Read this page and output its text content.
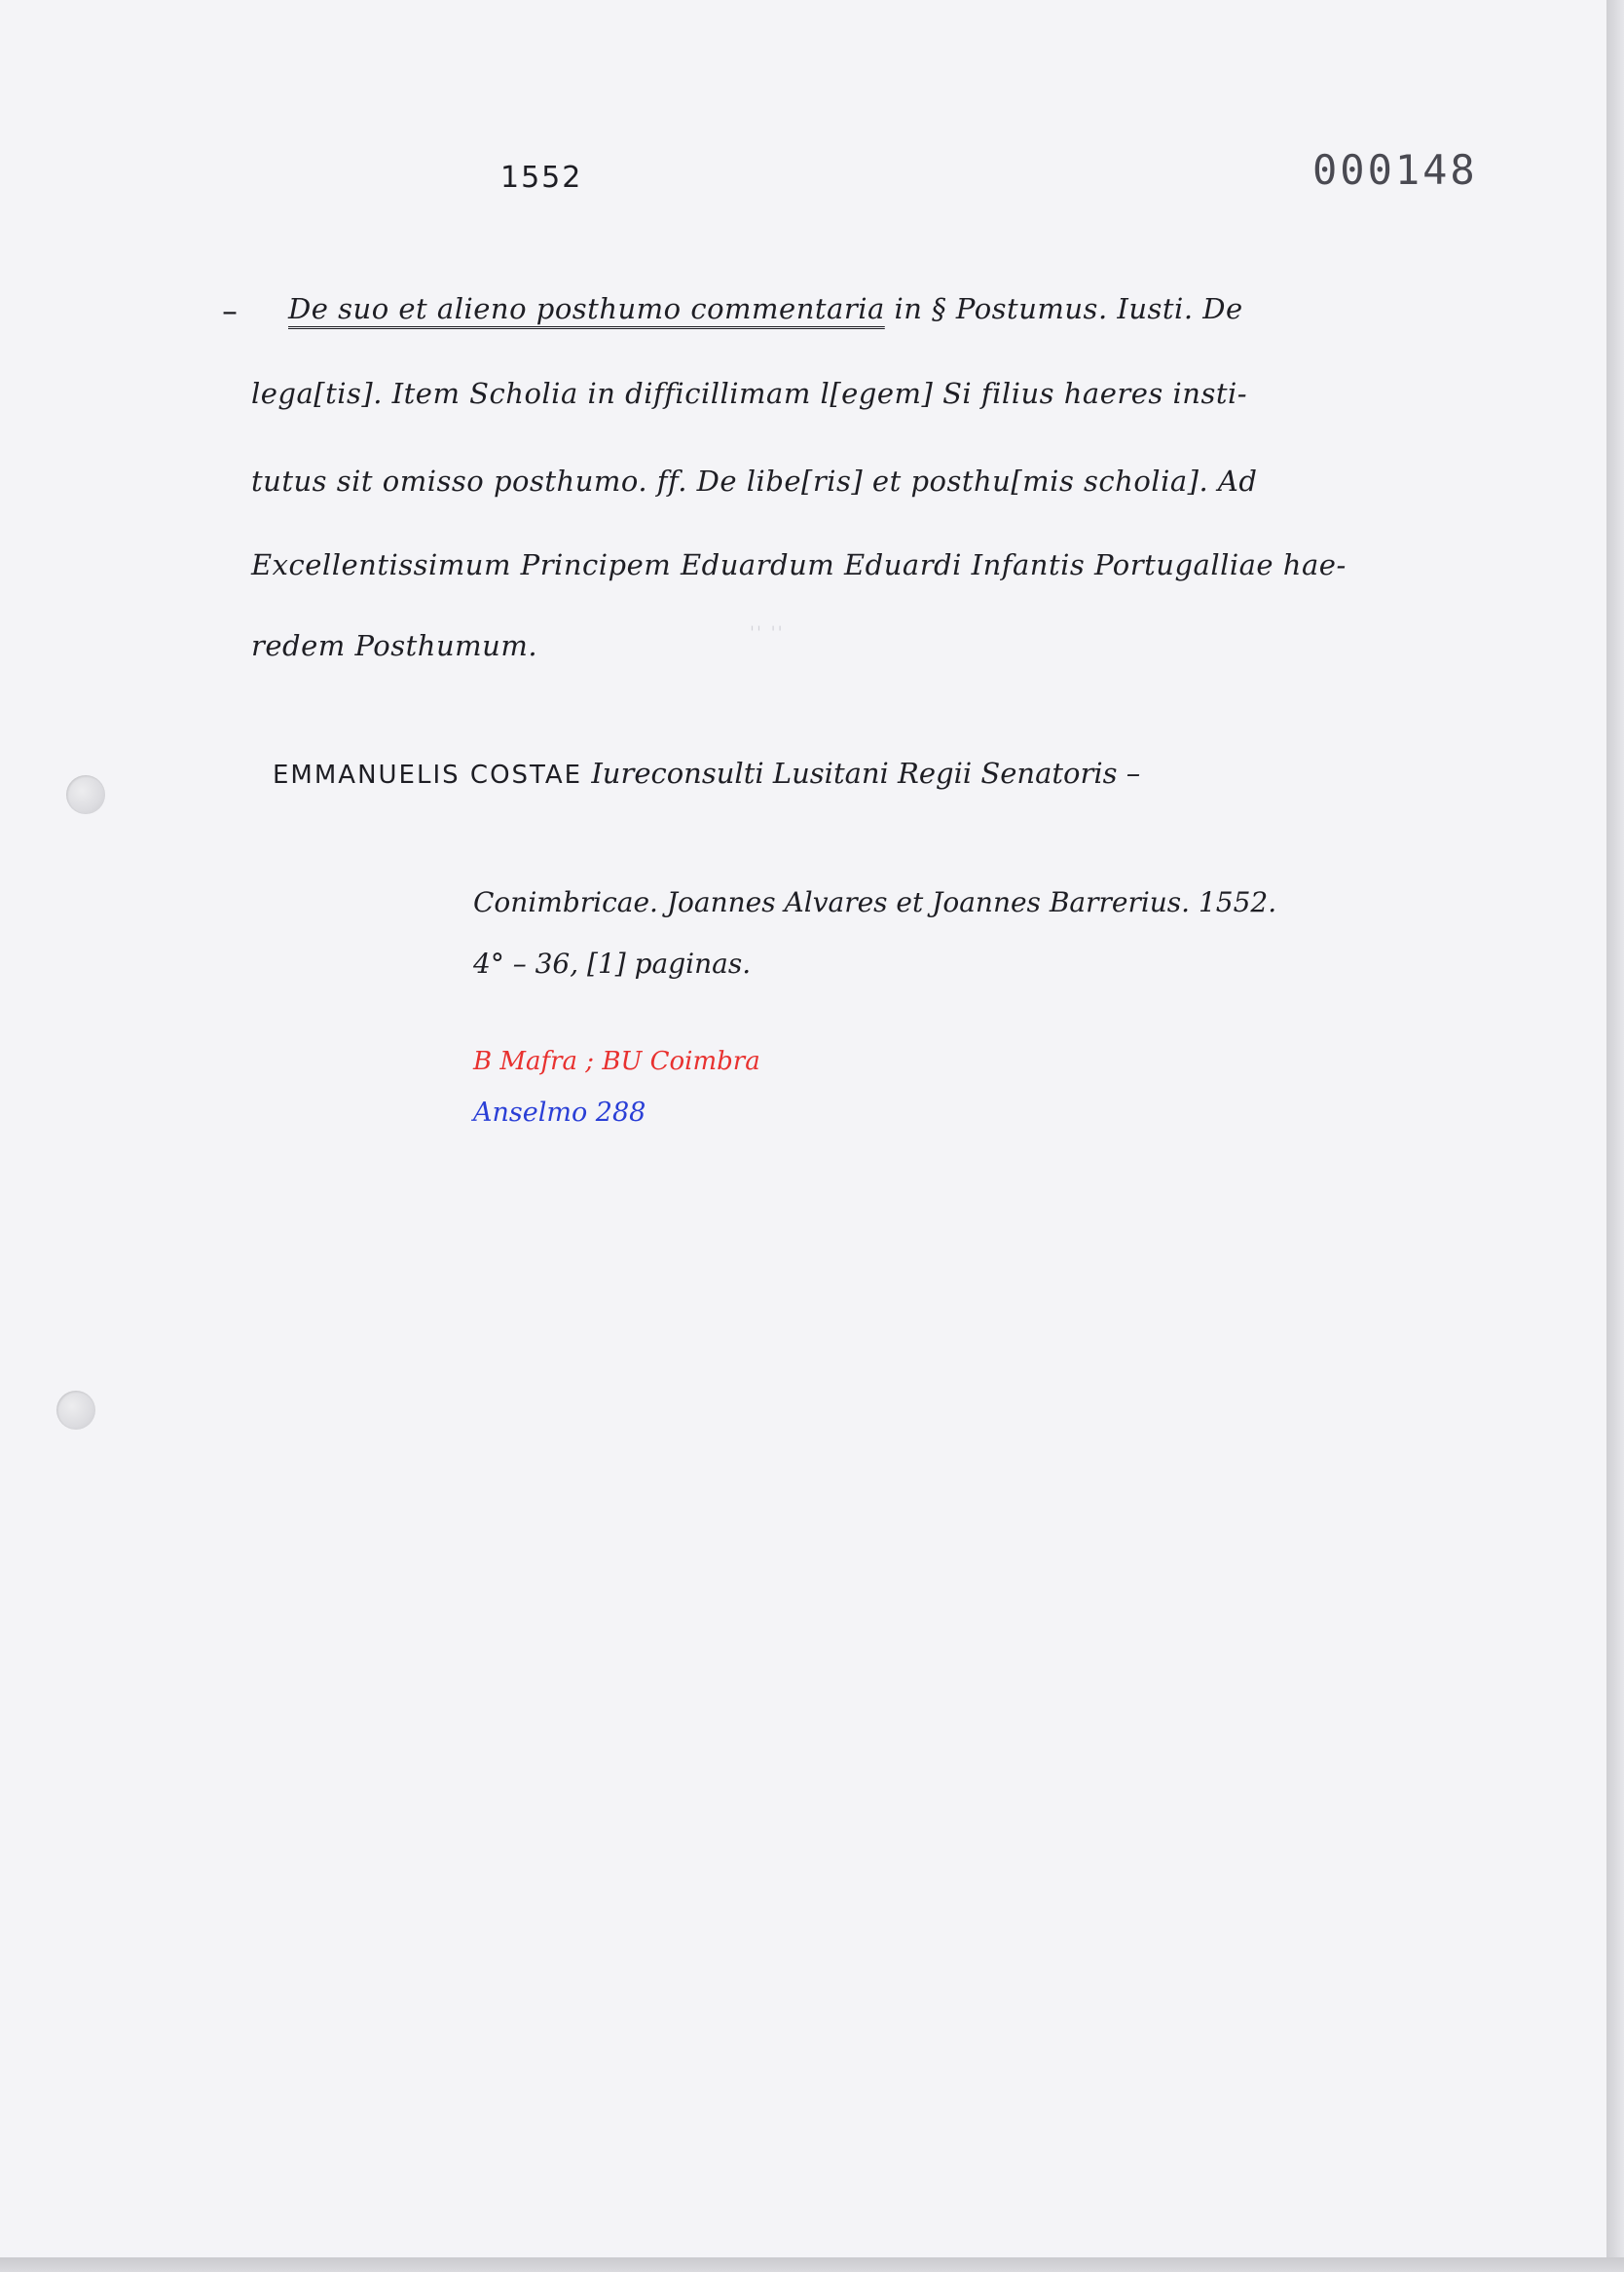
1552	000148
– De suo et alieno posthumo commentaria in § Postumus. Iusti. De
lega[tis]. Item Scholia in difficillimam l[egem] Si filius haeres insti-
tutus sit omisso posthumo. ff. De libe[ris] et posthu[mis scholia]. Ad
Excellentissimum Principem Eduardum Eduardi Infantis Portugalliae hae-
redem Posthumum.	ˈˈ ˈˈ
EMMANUELIS COSTAE Iureconsulti Lusitani Regii Senatoris –
Conimbricae. Joannes Alvares et Joannes Barrerius. 1552.
4° – 36, [1] paginas.
B Mafra ; BU Coimbra
Anselmo 288
